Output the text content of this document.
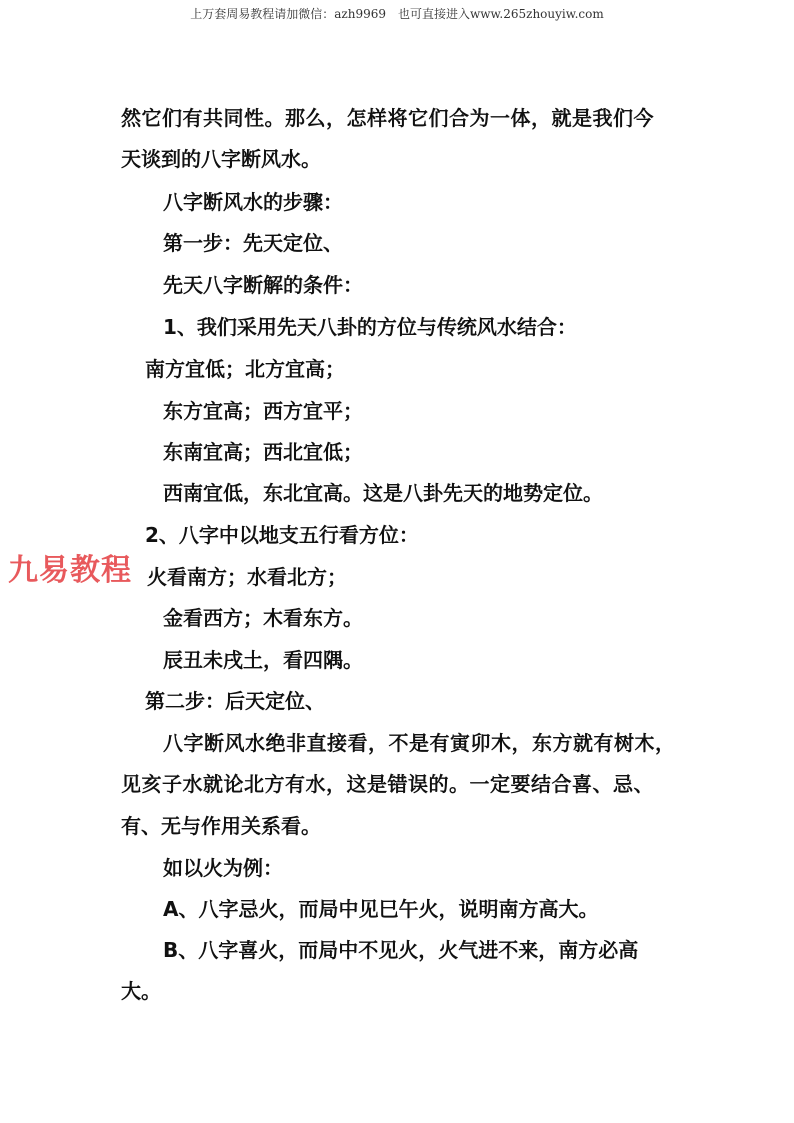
上万套周易教程请加微信：azh9969　也可直接进入www.265zhouyiw.com
九易教程
然它们有共同性。那么，怎样将它们合为一体，就是我们今
天谈到的八字断风水。
八字断风水的步骤：
第一步：先天定位、
先天八字断解的条件：
1、我们采用先天八卦的方位与传统风水结合：
南方宜低；北方宜高；
东方宜高；西方宜平；
东南宜高；西北宜低；
西南宜低，东北宜高。这是八卦先天的地势定位。
2、八字中以地支五行看方位：
火看南方；水看北方；
金看西方；木看东方。
辰丑未戌土，看四隅。
第二步：后天定位、
八字断风水绝非直接看，不是有寅卯木，东方就有树木，
见亥子水就论北方有水，这是错误的。一定要结合喜、忌、
有、无与作用关系看。
如以火为例：
A、八字忌火，而局中见巳午火，说明南方高大。
B、八字喜火，而局中不见火，火气进不来，南方必高
大。
